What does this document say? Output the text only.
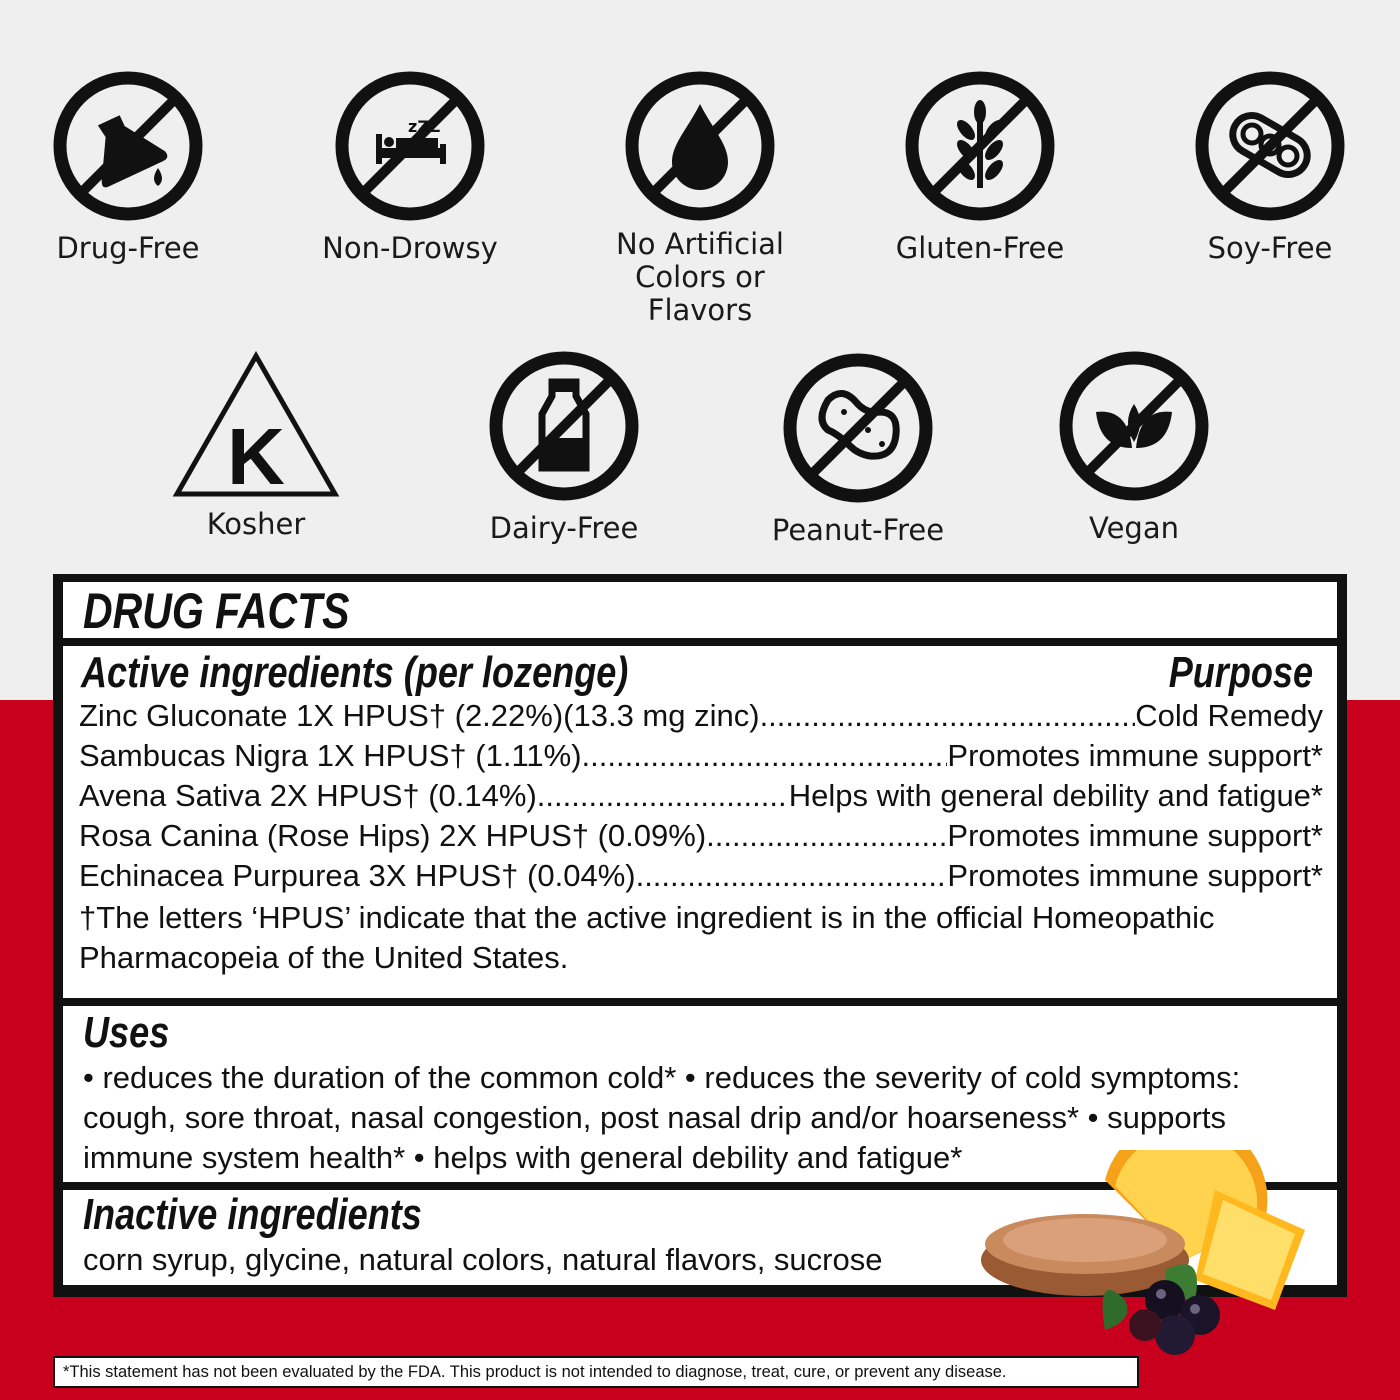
Drug-Free
zZZ
Non-Drowsy	No Artificial
Colors or Flavors
Gluten-Free	Soy-Free
K
Kosher	Dairy-Free	Peanut-Free	Vegan
DRUG FACTS
Active ingredients (per lozenge)	Purpose
Zinc Gluconate 1X HPUS† (2.22%)(13.3 mg zinc) .....	Cold Remedy
Sambucas Nigra 1X HPUS† (1.11%) .....	Promotes immune support*
Avena Sativa 2X HPUS† (0.14%) .....	Helps with general debility and fatigue*
Rosa Canina (Rose Hips) 2X HPUS† (0.09%) .....	Promotes immune support*
Echinacea Purpurea 3X HPUS† (0.04%) .....	Promotes immune support*
†The letters ‘HPUS’ indicate that the active ingredient is in the official Homeopathic Pharmacopeia of the United States.
Uses
• reduces the duration of the common cold* • reduces the severity of cold symptoms: cough, sore throat, nasal congestion, post nasal drip and/or hoarseness* • supports immune system health* • helps with general debility and fatigue*
Inactive ingredients
corn syrup, glycine, natural colors, natural flavors, sucrose
*This statement has not been evaluated by the FDA. This product is not intended to diagnose, treat, cure, or prevent any disease.
